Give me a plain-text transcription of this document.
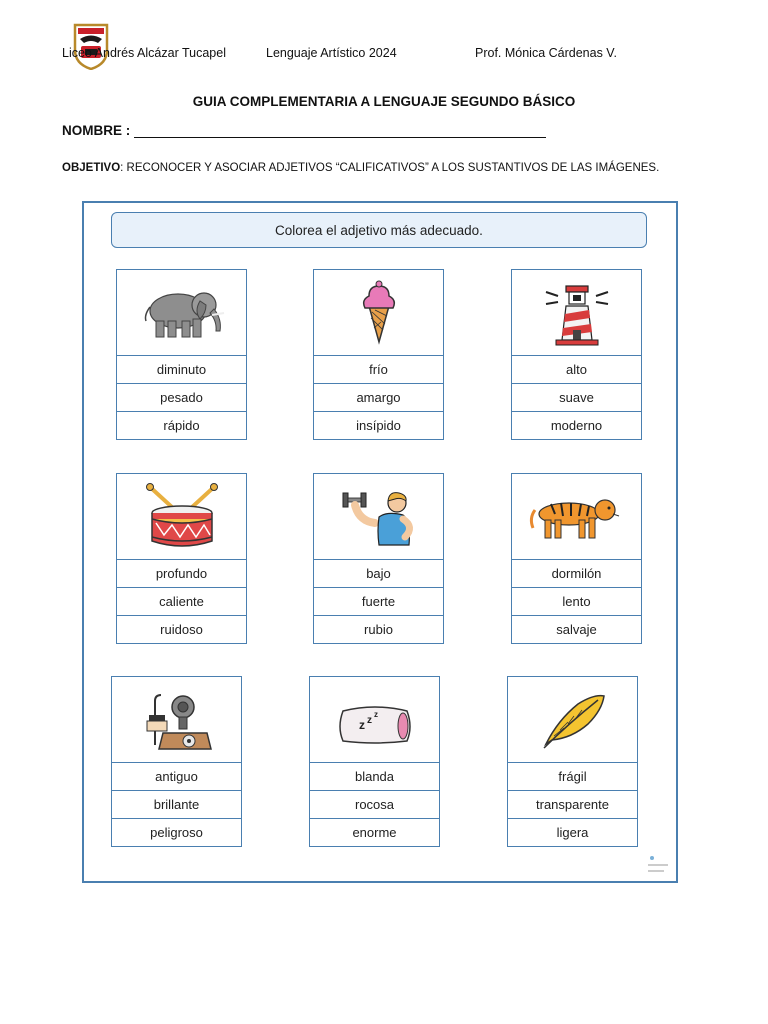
Liceo Andrés Alcázar Tucapel	Lenguaje Artístico 2024	Prof. Mónica Cárdenas V.
GUIA COMPLEMENTARIA A LENGUAJE SEGUNDO BÁSICO
NOMBRE :
OBJETIVO: RECONOCER Y ASOCIAR ADJETIVOS “CALIFICATIVOS” A LOS SUSTANTIVOS DE LAS IMÁGENES.
Colorea el adjetivo más adecuado.
diminuto
pesado
rápido
frío
amargo
insípido
alto
suave
moderno
profundo
caliente
ruidoso
bajo
fuerte
rubio
dormilón
lento
salvaje
antiguo
brillante
peligroso
z z
z
blanda
rocosa
enorme
frágil
transparente
ligera
